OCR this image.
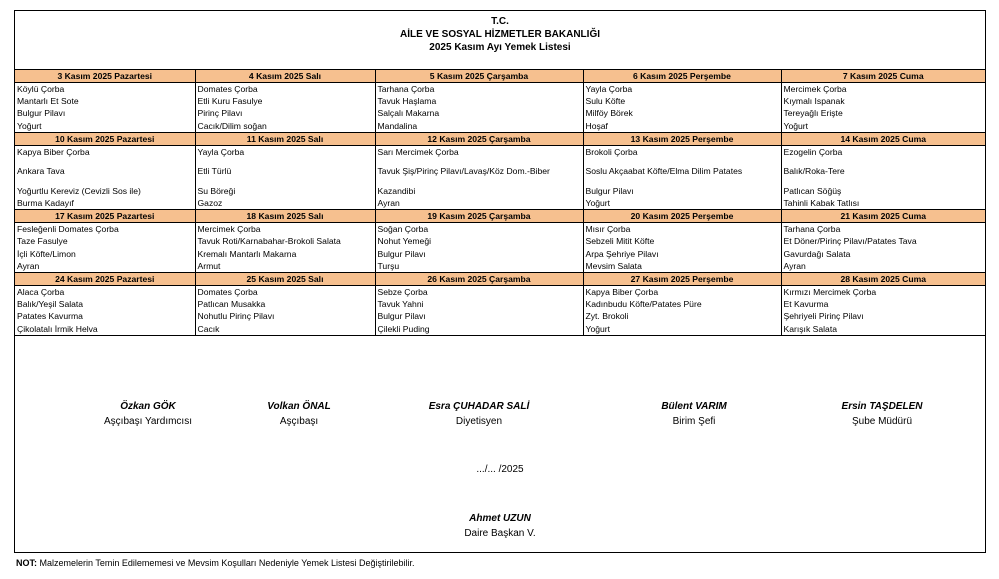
T.C.
AİLE VE SOSYAL HİZMETLER BAKANLIĞI
2025 Kasım Ayı Yemek Listesi
3 Kasım 2025 Pazartesi	4 Kasım 2025 Salı	5 Kasım 2025 Çarşamba	6 Kasım 2025 Perşembe	7 Kasım 2025 Cuma
Köylü Çorba	Domates Çorba	Tarhana Çorba	Yayla Çorba	Mercimek Çorba
Mantarlı Et Sote	Etli Kuru Fasulye	Tavuk Haşlama	Sulu Köfte	Kıymalı Ispanak
Bulgur Pilavı	Pirinç Pilavı	Salçalı Makarna	Milföy Börek	Tereyağlı Erişte
Yoğurt	Cacık/Dilim soğan	Mandalina	Hoşaf	Yoğurt
10 Kasım 2025 Pazartesi	11 Kasım 2025 Salı	12 Kasım 2025 Çarşamba	13 Kasım 2025 Perşembe	14 Kasım 2025 Cuma
Kapya Biber Çorba	Yayla Çorba	Sarı Mercimek Çorba	Brokoli Çorba	Ezogelin Çorba
Ankara Tava	Etli Türlü	Tavuk Şiş/Pirinç Pilavı/Lavaş/Köz Dom.-Biber	Soslu Akçaabat Köfte/Elma Dilim Patates	Balık/Roka-Tere
Yoğurtlu Kereviz (Cevizli Sos ile)	Su Böreği	Kazandibi	Bulgur Pilavı	Patlıcan Söğüş
Burma Kadayıf	Gazoz	Ayran	Yoğurt	Tahinli Kabak Tatlısı
17 Kasım 2025 Pazartesi	18 Kasım 2025 Salı	19 Kasım 2025 Çarşamba	20 Kasım 2025 Perşembe	21 Kasım 2025 Cuma
Fesleğenli Domates Çorba	Mercimek Çorba	Soğan Çorba	Mısır Çorba	Tarhana Çorba
Taze Fasulye	Tavuk Roti/Karnabahar-Brokoli Salata	Nohut Yemeği	Sebzeli Mitit Köfte	Et Döner/Pirinç Pilavı/Patates Tava
İçli Köfte/Limon	Kremalı Mantarlı Makarna	Bulgur Pilavı	Arpa Şehriye Pilavı	Gavurdağı Salata
Ayran	Armut	Turşu	Mevsim Salata	Ayran
24 Kasım 2025 Pazartesi	25 Kasım 2025 Salı	26 Kasım 2025 Çarşamba	27 Kasım 2025 Perşembe	28 Kasım 2025 Cuma
Alaca Çorba	Domates Çorba	Sebze Çorba	Kapya Biber Çorba	Kırmızı Mercimek Çorba
Balık/Yeşil Salata	Patlıcan Musakka	Tavuk Yahni	Kadınbudu Köfte/Patates Püre	Et Kavurma
Patates Kavurma	Nohutlu Pirinç Pilavı	Bulgur Pilavı	Zyt. Brokoli	Şehriyeli Pirinç Pilavı
Çikolatalı İrmik Helva	Cacık	Çilekli Puding	Yoğurt	Karışık Salata
Özkan GÖK
Aşçıbaşı Yardımcısı
Volkan ÖNAL
Aşçıbaşı
Esra ÇUHADAR SALİ
Diyetisyen
Bülent VARIM
Birim Şefi
Ersin TAŞDELEN
Şube Müdürü
.../... /2025
Ahmet UZUN
Daire Başkan V.
NOT: Malzemelerin Temin Edilememesi ve Mevsim Koşulları Nedeniyle Yemek Listesi Değiştirilebilir.
